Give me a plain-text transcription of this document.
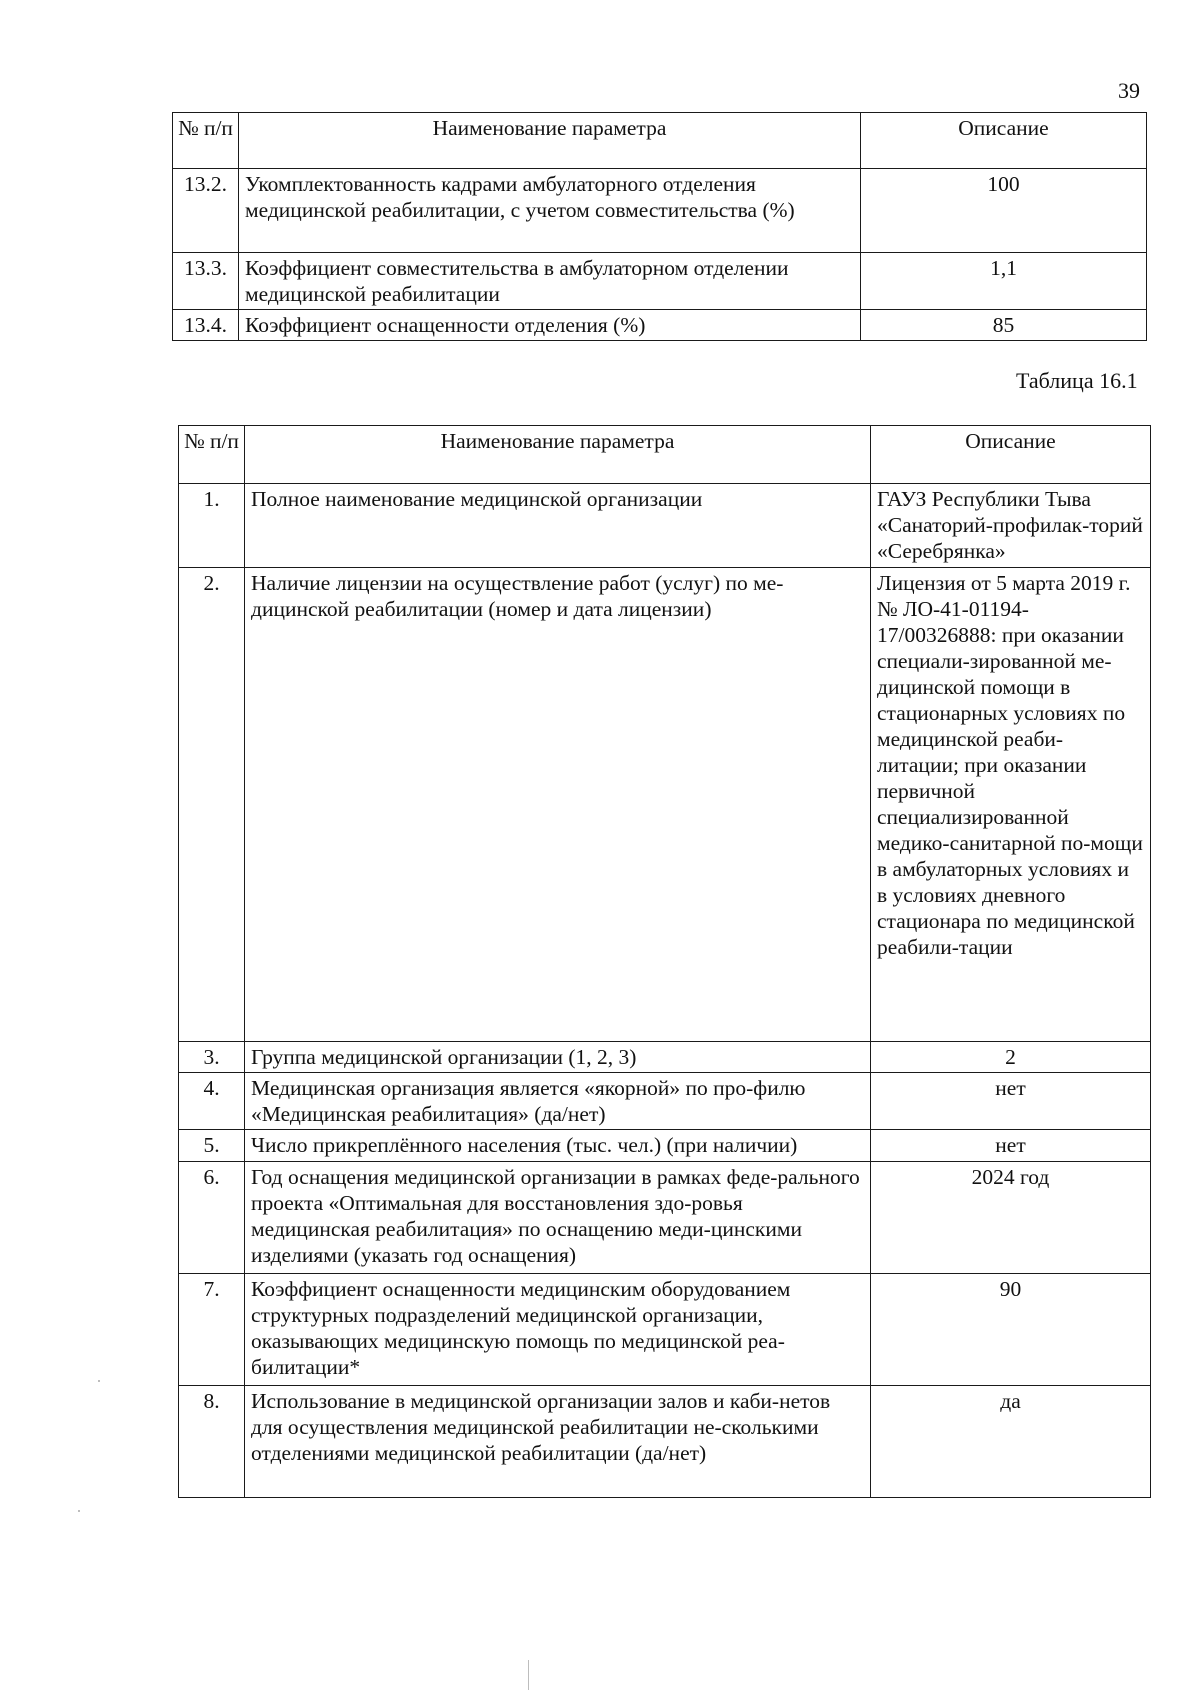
39
№ п/п	Наименование параметра	Описание
13.2.	Укомплектованность кадрами амбулаторного отделения медицинской реабилитации, с учетом совместительства (%)	100
13.3.	Коэффициент совместительства в амбулаторном отделении медицинской реабилитации	1,1
13.4.	Коэффициент оснащенности отделения (%)	85
Таблица 16.1
№ п/п	Наименование параметра	Описание
1.	Полное наименование медицинской организации	ГАУЗ Республики Тыва «Санаторий-профилак-торий «Серебрянка»
2.	Наличие лицензии на осуществление работ (услуг) по ме-дицинской реабилитации (номер и дата лицензии)	Лицензия от 5 марта 2019 г. № ЛО-41-01194-17/00326888: при оказании специали-зированной ме-дицинской помощи в стационарных условиях по медицинской реаби-литации; при оказании первичной специализированной медико-санитарной по-мощи в амбулаторных условиях и в условиях дневного стационара по медицинской реабили-тации
3.	Группа медицинской организации (1, 2, 3)	2
4.	Медицинская организация является «якорной» по про-филю «Медицинская реабилитация» (да/нет)	нет
5.	Число прикреплённого населения (тыс. чел.) (при наличии)	нет
6.	Год оснащения медицинской организации в рамках феде-рального проекта «Оптимальная для восстановления здо-ровья медицинская реабилитация» по оснащению меди-цинскими изделиями (указать год оснащения)	2024 год
7.	Коэффициент оснащенности медицинским оборудованием структурных подразделений медицинской организации, оказывающих медицинскую помощь по медицинской реа-билитации*	90
8.	Использование в медицинской организации залов и каби-нетов для осуществления медицинской реабилитации не-сколькими отделениями медицинской реабилитации (да/нет)	да
